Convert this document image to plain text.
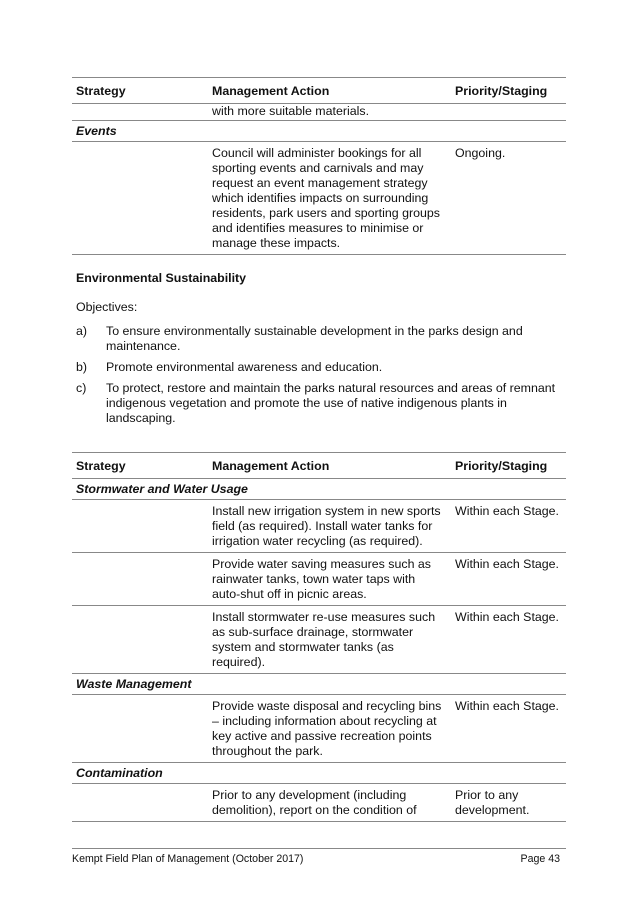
Strategy	Management Action	Priority/Staging
	with more suitable materials.	
Events		
	Council will administer bookings for all sporting events and carnivals and may request an event management strategy which identifies impacts on surrounding residents, park users and sporting groups and identifies measures to minimise or manage these impacts.	Ongoing.
Environmental Sustainability

Objectives:

a) To ensure environmentally sustainable development in the parks design and maintenance.
b) Promote environmental awareness and education.
c) To protect, restore and maintain the parks natural resources and areas of remnant indigenous vegetation and promote the use of native indigenous plants in landscaping.
Strategy	Management Action	Priority/Staging
Stormwater and Water Usage		
	Install new irrigation system in new sports field (as required). Install water tanks for irrigation water recycling (as required).	Within each Stage.
	Provide water saving measures such as rainwater tanks, town water taps with auto-shut off in picnic areas.	Within each Stage.
	Install stormwater re-use measures such as sub-surface drainage, stormwater system and stormwater tanks (as required).	Within each Stage.
Waste Management		
	Provide waste disposal and recycling bins – including information about recycling at key active and passive recreation points throughout the park.	Within each Stage.
Contamination		
	Prior to any development (including demolition), report on the condition of	Prior to any development.
Kempt Field Plan of Management (October 2017)	Page 43
